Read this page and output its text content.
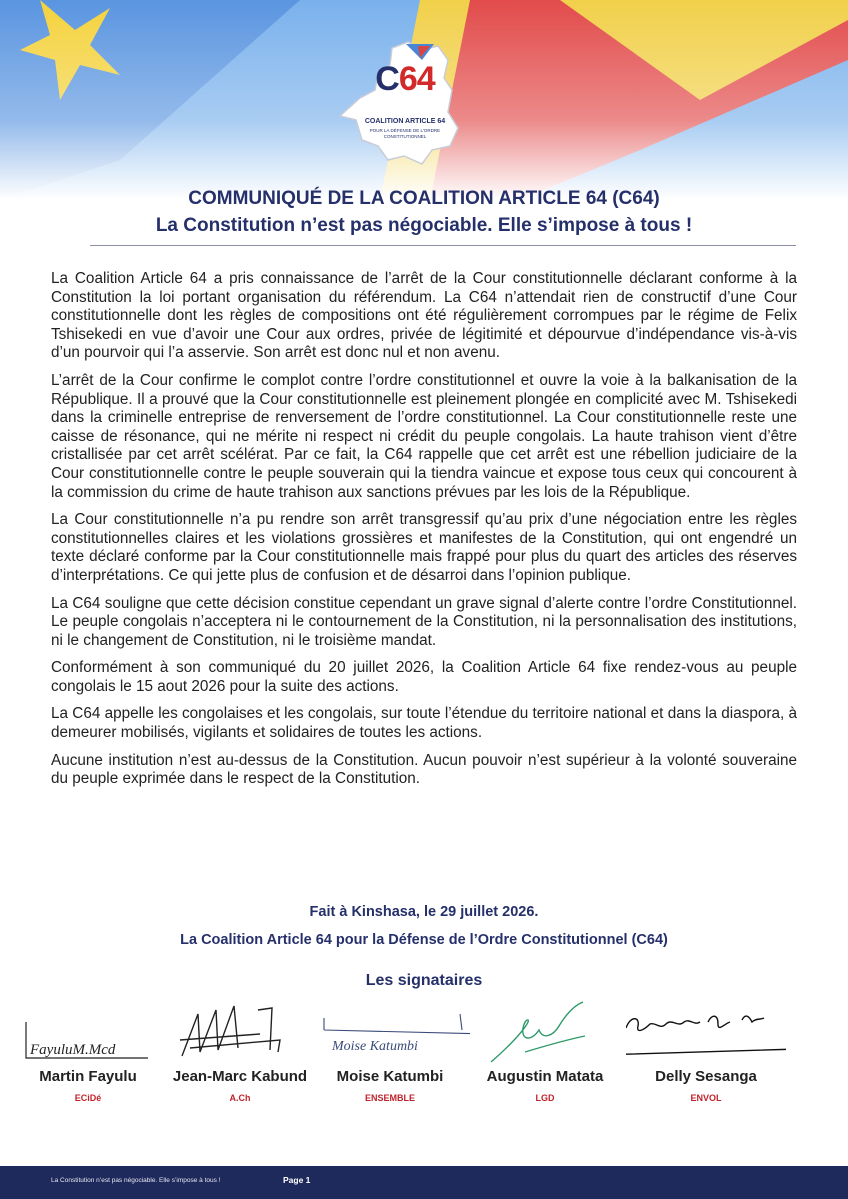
C64
COALITION ARTICLE 64
POUR LA DÉFENSE DE L'ORDRE CONSTITUTIONNEL
COMMUNIQUÉ DE LA COALITION ARTICLE 64 (C64)
La Constitution n’est pas négociable. Elle s’impose à tous !

La Coalition Article 64 a pris connaissance de l’arrêt de la Cour constitutionnelle déclarant conforme à la Constitution la loi portant organisation du référendum. La C64 n’attendait rien de constructif d’une Cour constitutionnelle dont les règles de compositions ont été régulièrement corrompues par le régime de Felix Tshisekedi en vue d’avoir une Cour aux ordres, privée de légitimité et dépourvue d’indépendance vis-à-vis d’un pourvoir qui l’a asservie. Son arrêt est donc nul et non avenu.

L’arrêt de la Cour confirme le complot contre l’ordre constitutionnel et ouvre la voie à la balkanisation de la République. Il a prouvé que la Cour constitutionnelle est pleinement plongée en complicité avec M. Tshisekedi dans la criminelle entreprise de renversement de l’ordre constitutionnel. La Cour constitutionnelle reste une caisse de résonance, qui ne mérite ni respect ni crédit du peuple congolais. La haute trahison vient d’être cristallisée par cet arrêt scélérat. Par ce fait, la C64 rappelle que cet arrêt est une rébellion judiciaire de la Cour constitutionnelle contre le peuple souverain qui la tiendra vaincue et expose tous ceux qui concourent à la commission du crime de haute trahison aux sanctions prévues par les lois de la République.

La Cour constitutionnelle n’a pu rendre son arrêt transgressif qu’au prix d’une négociation entre les règles constitutionnelles claires et les violations grossières et manifestes de la Constitution, qui ont engendré un texte déclaré conforme par la Cour constitutionnelle mais frappé pour plus du quart des articles des réserves d’interprétations. Ce qui jette plus de confusion et de désarroi dans l’opinion publique.

La C64 souligne que cette décision constitue cependant un grave signal d’alerte contre l’ordre Constitutionnel. Le peuple congolais n’acceptera ni le contournement de la Constitution, ni la personnalisation des institutions, ni le changement de Constitution, ni le troisième mandat.

Conformément à son communiqué du 20 juillet 2026, la Coalition Article 64 fixe rendez-vous au peuple congolais le 15 aout 2026 pour la suite des actions.

La C64 appelle les congolaises et les congolais, sur toute l’étendue du territoire national et dans la diaspora, à demeurer mobilisés, vigilants et solidaires de toutes les actions.

Aucune institution n’est au-dessus de la Constitution. Aucun pouvoir n’est supérieur à la volonté souveraine du peuple exprimée dans le respect de la Constitution.

Fait à Kinshasa, le 29 juillet 2026.
La Coalition Article 64 pour la Défense de l’Ordre Constitutionnel (C64)
Les signataires
FayuluM.Mcd
Martin Fayulu
ECiDé
Jean-Marc Kabund
A.Ch
Moise Katumbi
Moise Katumbi
ENSEMBLE
Augustin Matata
LGD
Delly Sesanga
ENVOL
La Constitution n’est pas négociable. Elle s’impose à tous !	Page 1
